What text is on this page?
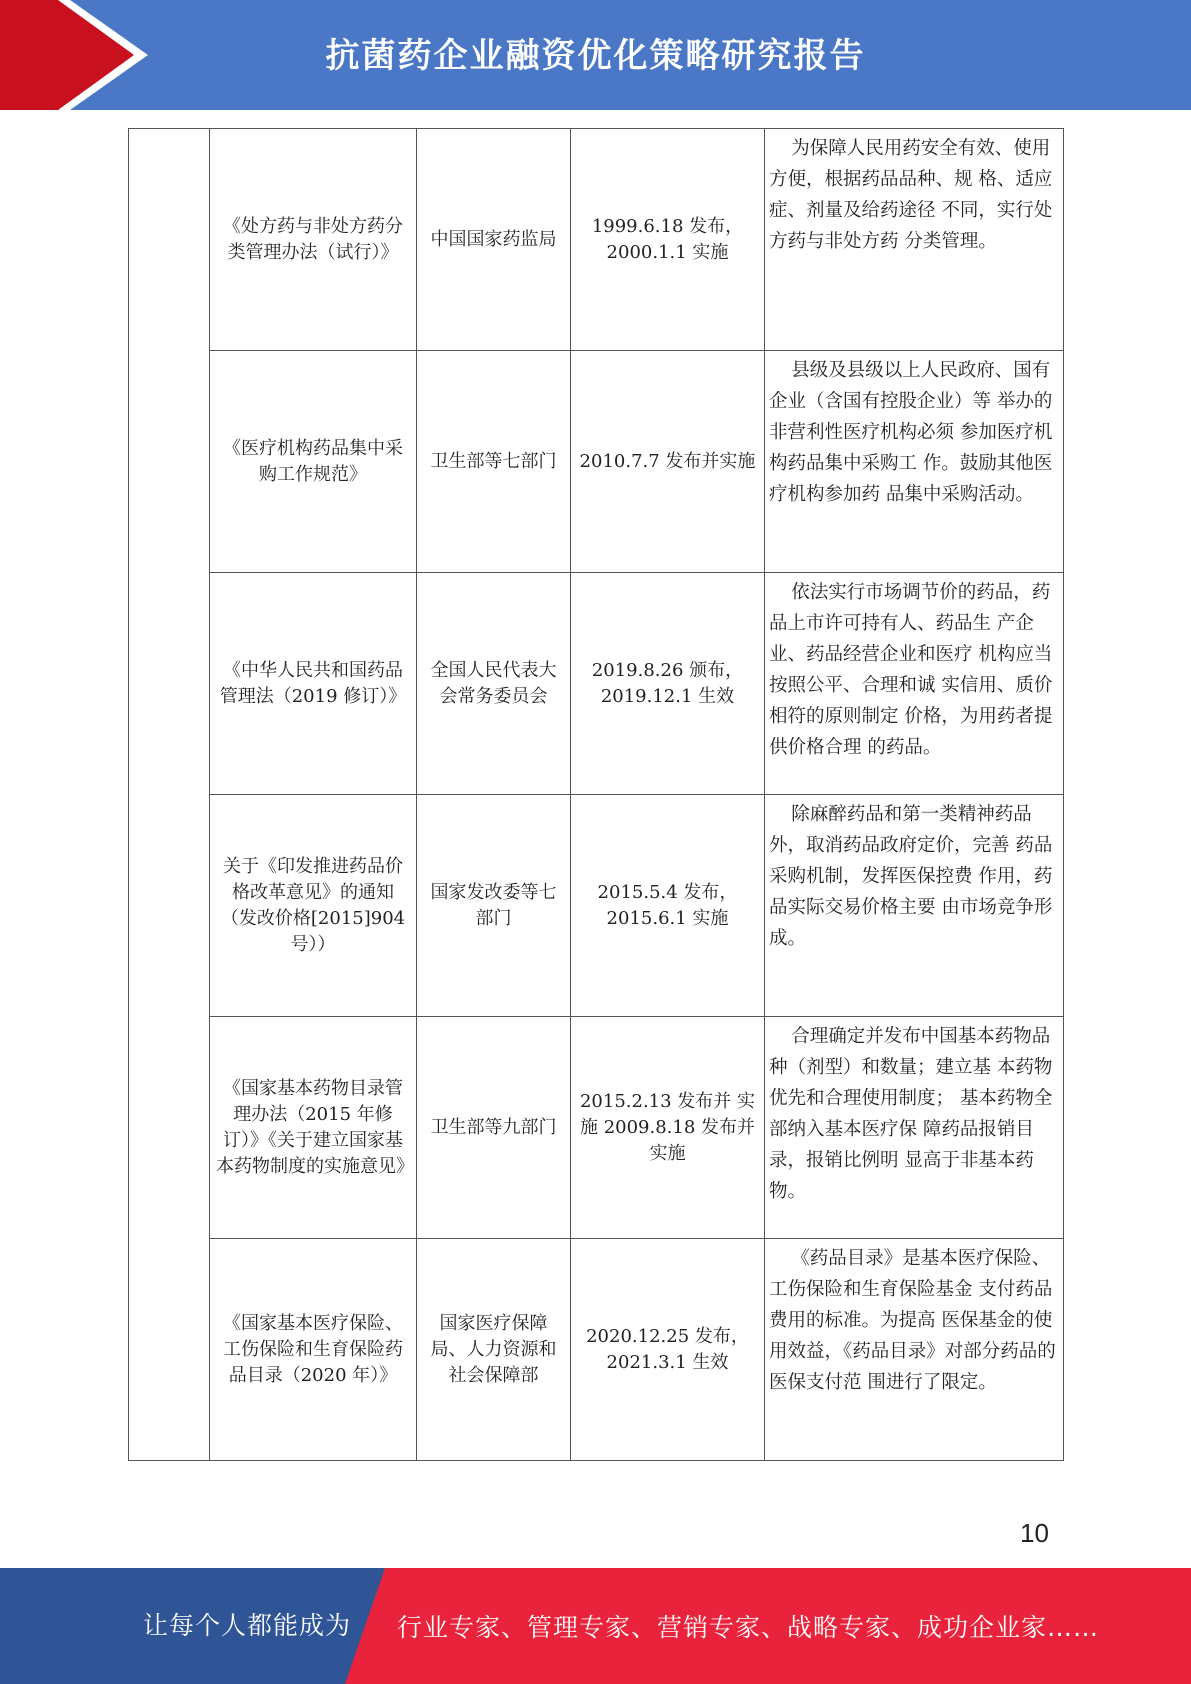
抗菌药企业融资优化策略研究报告
	《处方药与非处方药分类管理办法（试行）》	中国国家药监局	1999.6.18 发布，2000.1.1 实施	为保障人民用药安全有效、使用方便，根据药品品种、规 格、适应症、剂量及给药途径 不同，实行处方药与非处方药 分类管理。
	《医疗机构药品集中采购工作规范》	卫生部等七部门	2010.7.7 发布并实施	县级及县级以上人民政府、国有企业（含国有控股企业）等 举办的非营利性医疗机构必须 参加医疗机构药品集中采购工 作。鼓励其他医疗机构参加药 品集中采购活动。
	《中华人民共和国药品管理法（2019 修订）》	全国人民代表大会常务委员会	2019.8.26 颁布，2019.12.1 生效	依法实行市场调节价的药品，药品上市许可持有人、药品生 产企业、药品经营企业和医疗 机构应当按照公平、合理和诚 实信用、质价相符的原则制定 价格，为用药者提供价格合理 的药品。
	关于《印发推进药品价格改革意见》的通知（发改价格[2015]904 号））	国家发改委等七部门	2015.5.4 发布，2015.6.1 实施	除麻醉药品和第一类精神药品外，取消药品政府定价，完善 药品采购机制，发挥医保控费 作用，药品实际交易价格主要 由市场竞争形成。
	《国家基本药物目录管理办法（2015 年修订）》《关于建立国家基本药物制度的实施意见》	卫生部等九部门	2015.2.13 发布并 实施 2009.8.18 发布并 实施	合理确定并发布中国基本药物品种（剂型）和数量；建立基 本药物优先和合理使用制度； 基本药物全部纳入基本医疗保 障药品报销目录，报销比例明 显高于非基本药物。
	《国家基本医疗保险、工伤保险和生育保险药品目录（2020 年）》	国家医疗保障局、人力资源和社会保障部	2020.12.25 发布，2021.3.1 生效	《药品目录》是基本医疗保险、工伤保险和生育保险基金 支付药品费用的标准。为提高 医保基金的使用效益，《药品目录》对部分药品的医保支付范 围进行了限定。
10
让每个人都能成为 行业专家、管理专家、营销专家、战略专家、成功企业家……
